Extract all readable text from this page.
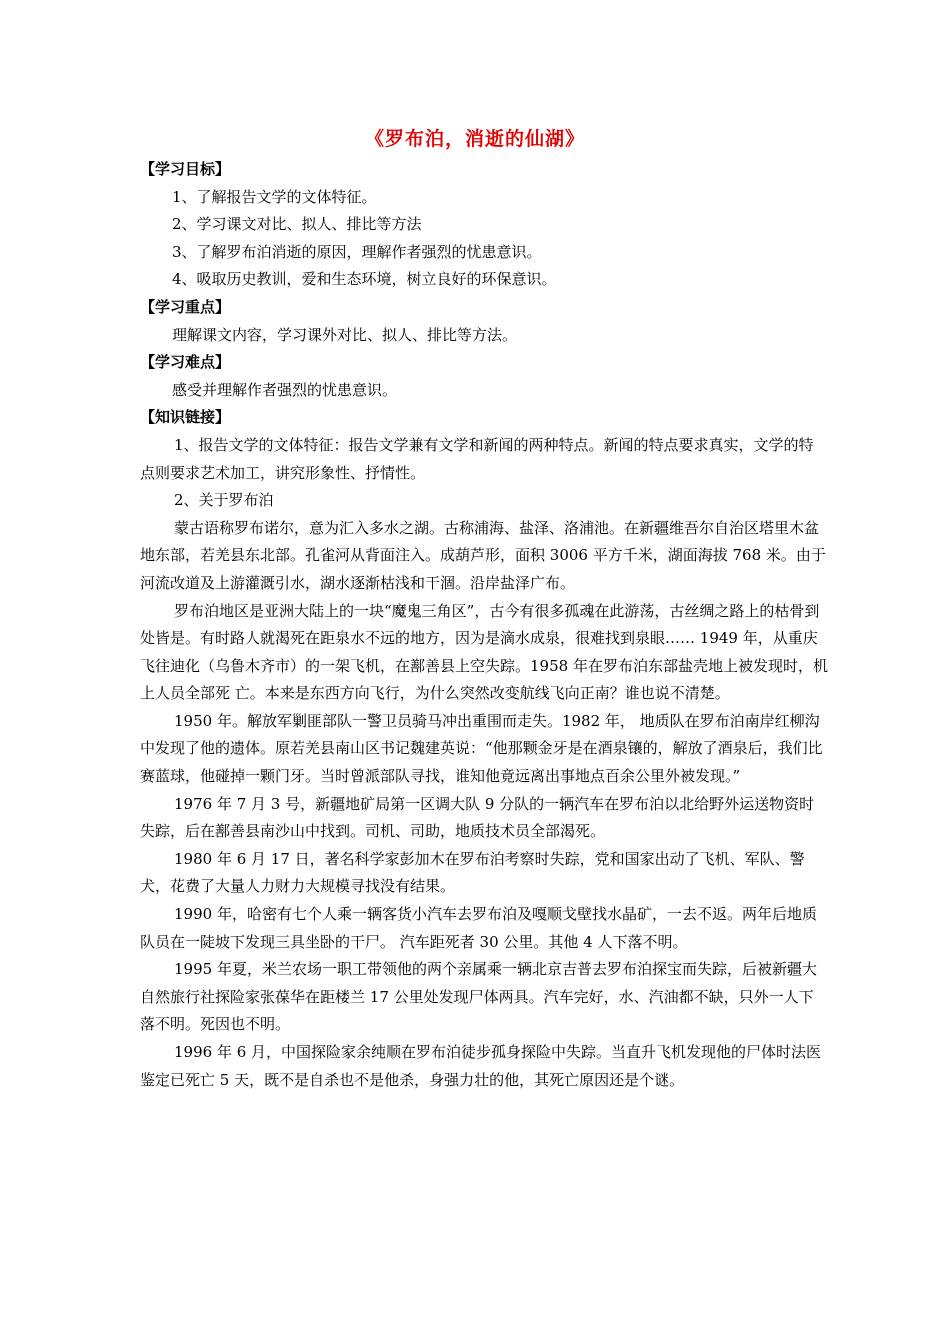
《罗布泊，消逝的仙湖》
【学习目标】
1、了解报告文学的文体特征。
2、学习课文对比、拟人、排比等方法
3、了解罗布泊消逝的原因，理解作者强烈的忧患意识。
4、吸取历史教训，爱和生态环境，树立良好的环保意识。
【学习重点】
理解课文内容，学习课外对比、拟人、排比等方法。
【学习难点】
感受并理解作者强烈的忧患意识。
【知识链接】

1、报告文学的文体特征：报告文学兼有文学和新闻的两种特点。新闻的特点要求真实，文学的特点则要求艺术加工，讲究形象性、抒情性。

2、关于罗布泊

蒙古语称罗布诺尔，意为汇入多水之湖。古称浦海、盐泽、洛浦池。在新疆维吾尔自治区塔里木盆地东部，若羌县东北部。孔雀河从背面注入。成葫芦形，面积 3006 平方千米，湖面海拔 768 米。由于河流改道及上游灌溉引水，湖水逐渐枯浅和干涸。沿岸盐泽广布。

罗布泊地区是亚洲大陆上的一块“魔鬼三角区”，古今有很多孤魂在此游荡，古丝绸之路上的枯骨到处皆是。有时路人就渴死在距泉水不远的地方，因为是滴水成泉，很难找到泉眼…… 1949 年，从重庆飞往迪化（乌鲁木齐市）的一架飞机，在鄯善县上空失踪。1958 年在罗布泊东部盐壳地上被发现时，机上人员全部死 亡。本来是东西方向飞行，为什么突然改变航线飞向正南？谁也说不清楚。

1950 年。解放军剿匪部队一警卫员骑马冲出重围而走失。1982 年， 地质队在罗布泊南岸红柳沟中发现了他的遗体。原若羌县南山区书记魏建英说：“他那颗金牙是在酒泉镶的，解放了酒泉后，我们比赛蓝球，他碰掉一颗门牙。当时曾派部队寻找，谁知他竟远离出事地点百余公里外被发现。”

1976 年 7 月 3 号，新疆地矿局第一区调大队 9 分队的一辆汽车在罗布泊以北给野外运送物资时失踪，后在鄯善县南沙山中找到。司机、司助，地质技术员全部渴死。

1980 年 6 月 17 日，著名科学家彭加木在罗布泊考察时失踪，党和国家出动了飞机、军队、警犬，花费了大量人力财力大规模寻找没有结果。

1990 年，哈密有七个人乘一辆客货小汽车去罗布泊及嘎顺戈壁找水晶矿，一去不返。两年后地质队员在一陡坡下发现三具坐卧的干尸。 汽车距死者 30 公里。其他 4 人下落不明。

1995 年夏，米兰农场一职工带领他的两个亲属乘一辆北京吉普去罗布泊探宝而失踪，后被新疆大自然旅行社探险家张葆华在距楼兰 17 公里处发现尸体两具。汽车完好，水、汽油都不缺，只外一人下落不明。死因也不明。

1996 年 6 月，中国探险家余纯顺在罗布泊徒步孤身探险中失踪。当直升飞机发现他的尸体时法医鉴定已死亡 5 天，既不是自杀也不是他杀，身强力壮的他，其死亡原因还是个谜。
